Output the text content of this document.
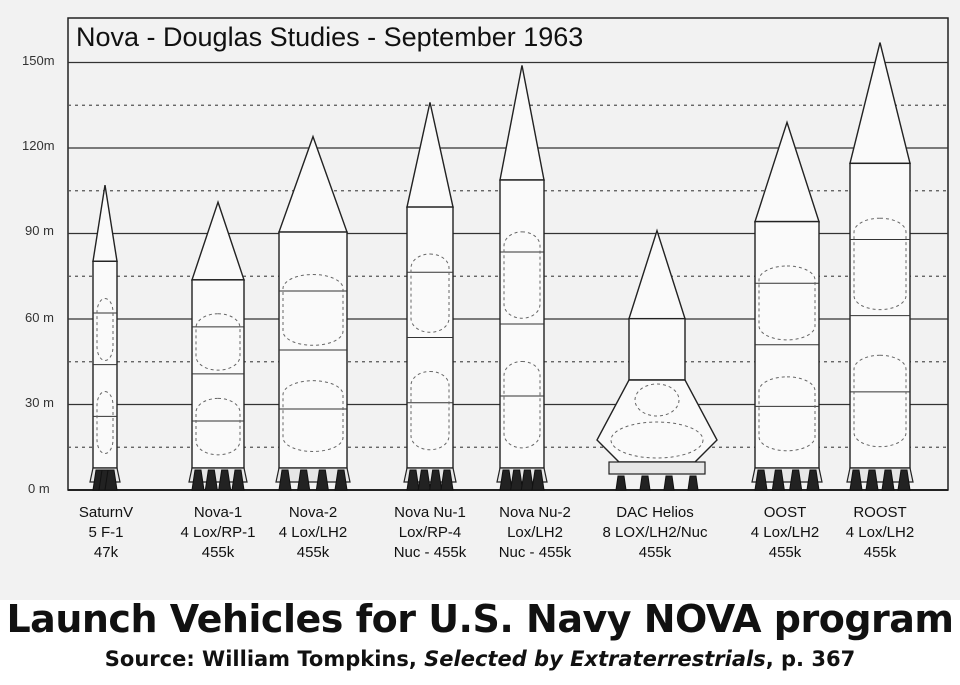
Nova - Douglas Studies - September 1963
0 m
30 m
60 m
90 m
120m
150m
SaturnV
5 F-1
47k
Nova-1
4 Lox/RP-1
455k
Nova-2
4 Lox/LH2
455k
Nova Nu-1
Lox/RP-4
Nuc - 455k
Nova Nu-2
Lox/LH2
Nuc - 455k
DAC Helios
8 LOX/LH2/Nuc
455k
OOST
4 Lox/LH2
455k
ROOST
4 Lox/LH2
455k
Launch Vehicles for U.S. Navy NOVA program
Source: William Tompkins, Selected by Extraterrestrials, p. 367
